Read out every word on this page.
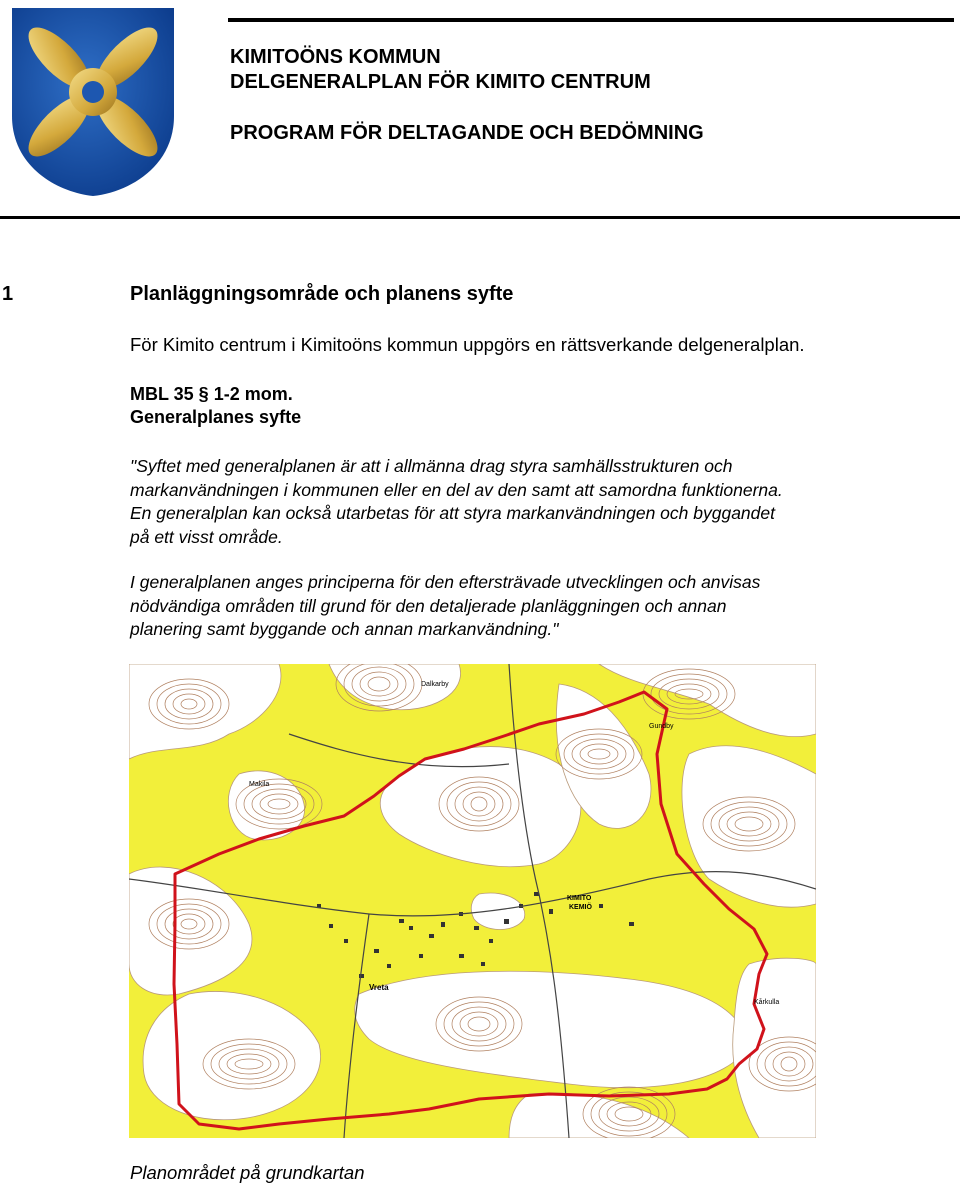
KIMITOÖNS KOMMUN
DELGENERALPLAN FÖR KIMITO CENTRUM
PROGRAM FÖR DELTAGANDE OCH BEDÖMNING
1	Planläggningsområde och planens syfte
För Kimito centrum i Kimitoöns kommun uppgörs en rättsverkande delgeneralplan.
MBL 35 § 1-2 mom.
Generalplanes syfte

"Syftet med generalplanen är att i allmänna drag styra samhällsstrukturen och

markanvändningen i kommunen eller en del av den samt att samordna funktionerna.

En generalplan kan också utarbetas för att styra markanvändningen och byggandet

på ett visst område.

I generalplanen anges principerna för den eftersträvade utvecklingen och anvisas

nödvändiga områden till grund för den detaljerade planläggningen och annan

planering samt byggande och annan markanvändning."

Dalkarby
Makila
Gundby
KIMITO
KEMIÖ
Vreta
Kårkulla
Planområdet på grundkartan
